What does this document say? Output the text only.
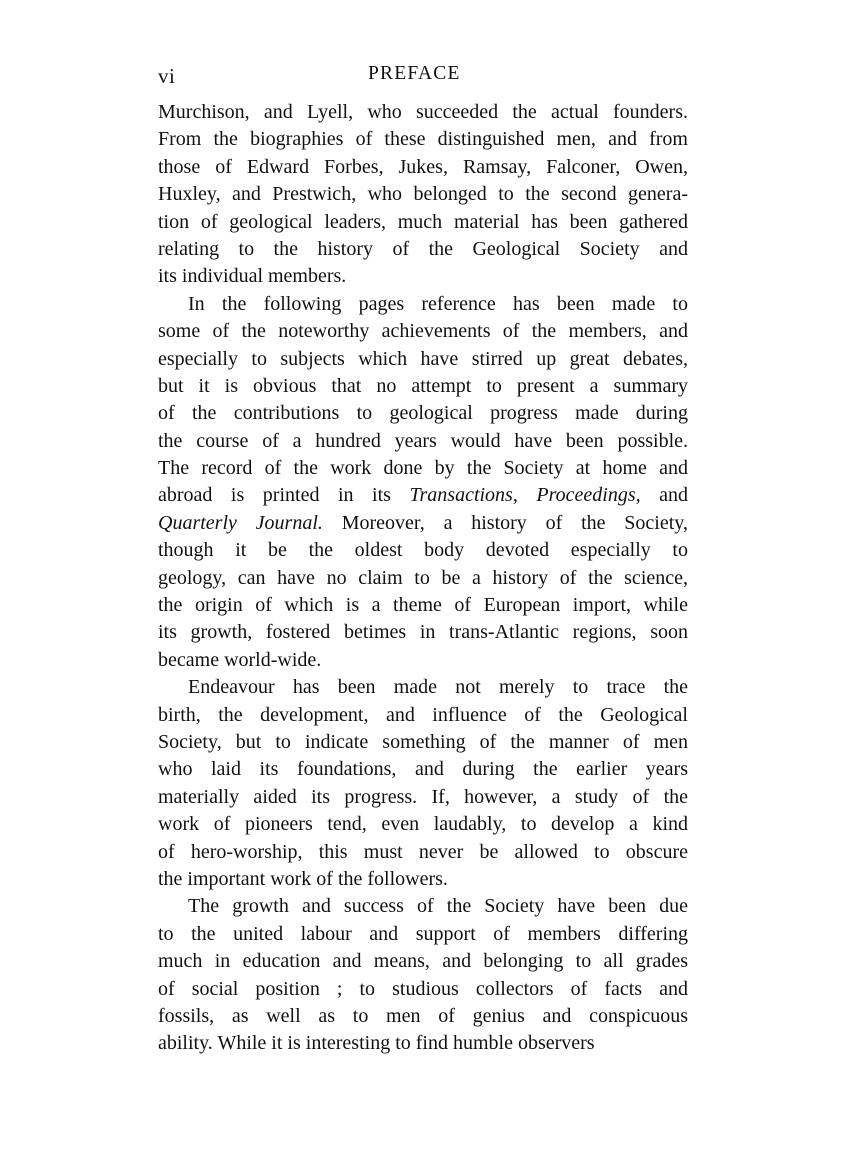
vi	PREFACE
Murchison, and Lyell, who succeeded the actual founders.
From the biographies of these distinguished men, and from
those of Edward Forbes, Jukes, Ramsay, Falconer, Owen,
Huxley, and Prestwich, who belonged to the second genera-
tion of geological leaders, much material has been gathered
relating to the history of the Geological Society and
its individual members.
In the following pages reference has been made to
some of the noteworthy achievements of the members, and
especially to subjects which have stirred up great debates,
but it is obvious that no attempt to present a summary
of the contributions to geological progress made during
the course of a hundred years would have been possible.
The record of the work done by the Society at home and
abroad is printed in its Transactions, Proceedings, and
Quarterly Journal. Moreover, a history of the Society,
though it be the oldest body devoted especially to
geology, can have no claim to be a history of the science,
the origin of which is a theme of European import, while
its growth, fostered betimes in trans-Atlantic regions, soon
became world-wide.
Endeavour has been made not merely to trace the
birth, the development, and influence of the Geological
Society, but to indicate something of the manner of men
who laid its foundations, and during the earlier years
materially aided its progress. If, however, a study of the
work of pioneers tend, even laudably, to develop a kind
of hero-worship, this must never be allowed to obscure
the important work of the followers.
The growth and success of the Society have been due
to the united labour and support of members differing
much in education and means, and belonging to all grades
of social position ; to studious collectors of facts and
fossils, as well as to men of genius and conspicuous
ability. While it is interesting to find humble observers
